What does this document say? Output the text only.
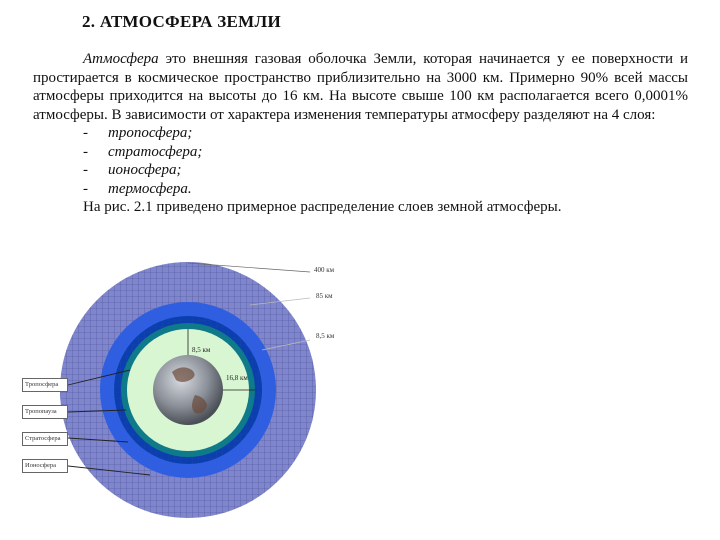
2. АТМОСФЕРА ЗЕМЛИ
Атмосфера это внешняя газовая оболочка Земли, которая начинается у ее поверхности и простирается в космическое пространство приблизительно на 3000 км. Примерно 90% всей массы атмосферы приходится на высоты до 16 км. На высоте свыше 100 км располагается всего 0,0001% атмосферы. В зависимости от характера изменения температуры атмосферу разделяют на 4 слоя:
- тропосфера;
- стратосфера;
- ионосфера;
- термосфера.
На рис. 2.1 приведено примерное распределение слоев земной атмосферы.
400 км
85 км
8,5 км
8,5 км
16,8 км
Тропосфера
Тропопауза
Стратосфера
Ионосфера
